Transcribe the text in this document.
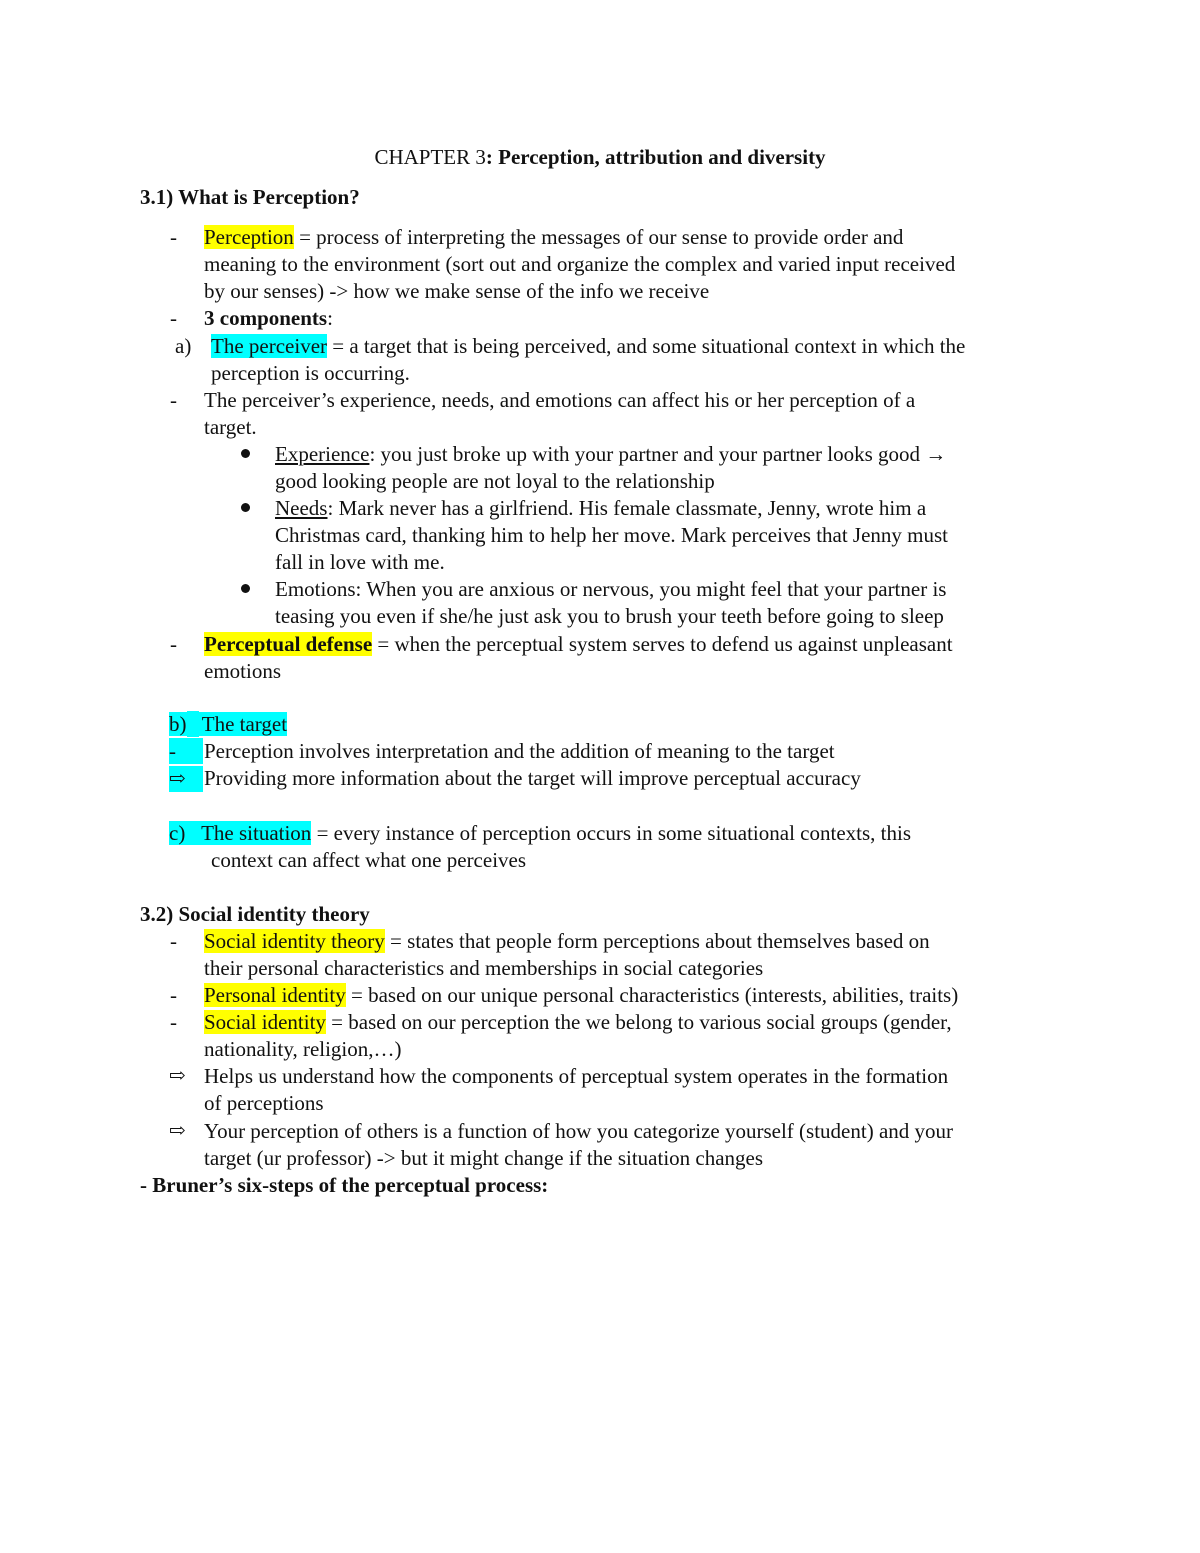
CHAPTER 3: Perception, attribution and diversity
3.1) What is Perception?
- Perception = process of interpreting the messages of our sense to provide order and
meaning to the environment (sort out and organize the complex and varied input received
by our senses) -> how we make sense of the info we receive
- 3 components:
a) The perceiver = a target that is being perceived, and some situational context in which the
perception is occurring.
- The perceiver’s experience, needs, and emotions can affect his or her perception of a
target.
Experience: you just broke up with your partner and your partner looks good →
good looking people are not loyal to the relationship
Needs: Mark never has a girlfriend. His female classmate, Jenny, wrote him a
Christmas card, thanking him to help her move. Mark perceives that Jenny must
fall in love with me.
Emotions: When you are anxious or nervous, you might feel that your partner is
teasing you even if she/he just ask you to brush your teeth before going to sleep
- Perceptual defense = when the perceptual system serves to defend us against unpleasant
emotions
b) The target
-	Perception involves interpretation and the addition of meaning to the target
⇨ Providing more information about the target will improve perceptual accuracy
c) The situation = every instance of perception occurs in some situational contexts, this
context can affect what one perceives
3.2) Social identity theory
- Social identity theory = states that people form perceptions about themselves based on
their personal characteristics and memberships in social categories
- Personal identity = based on our unique personal characteristics (interests, abilities, traits)
- Social identity = based on our perception the we belong to various social groups (gender,
nationality, religion,…)
⇨ Helps us understand how the components of perceptual system operates in the formation
of perceptions
⇨ Your perception of others is a function of how you categorize yourself (student) and your
target (ur professor) -> but it might change if the situation changes
- Bruner’s six-steps of the perceptual process:
